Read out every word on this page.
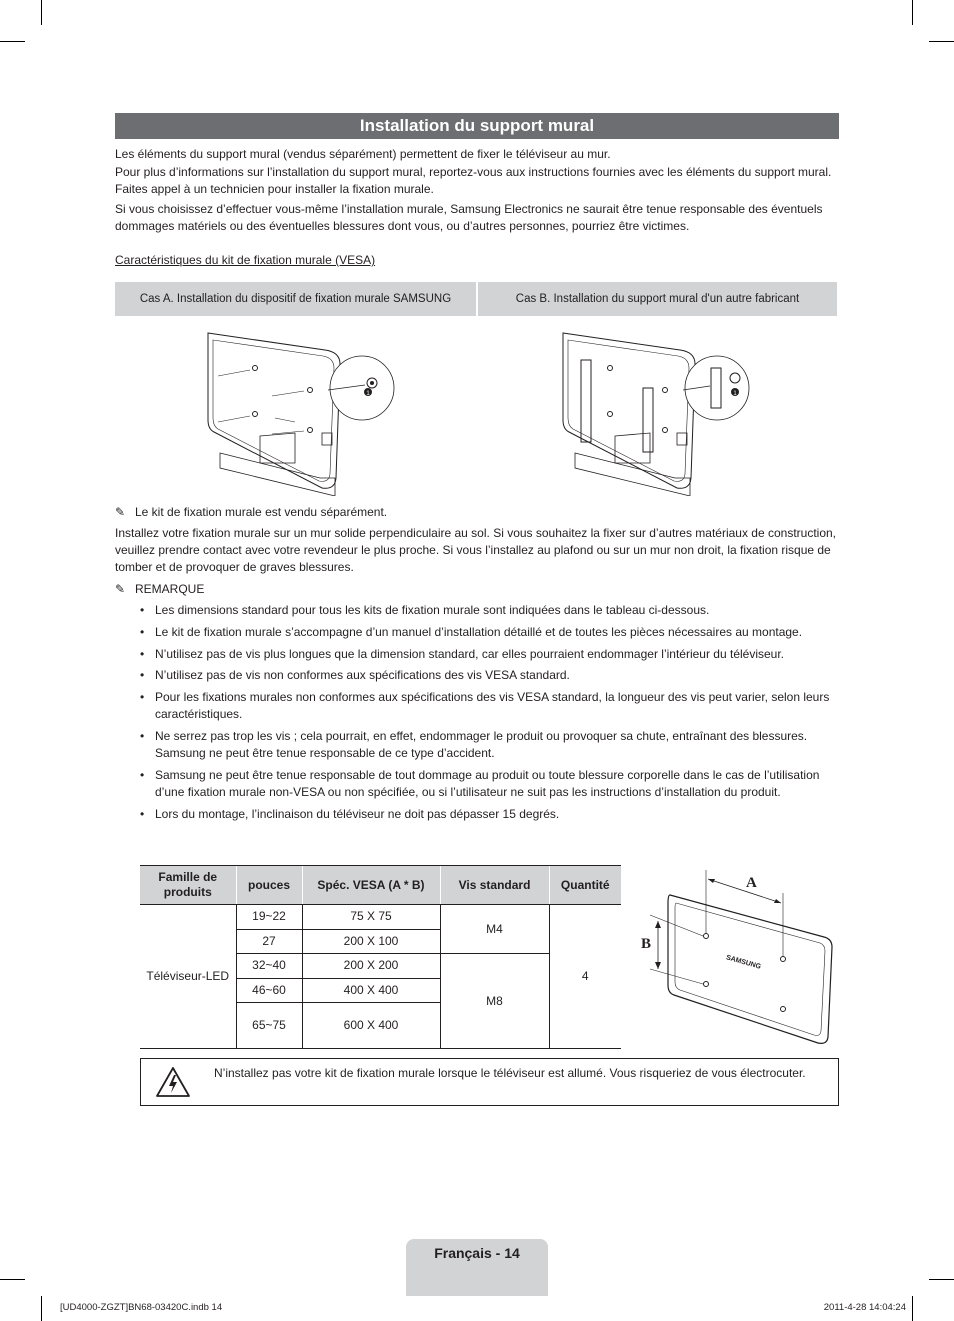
Installation du support mural
Les éléments du support mural (vendus séparément) permettent de fixer le téléviseur au mur.
Pour plus d’informations sur l’installation du support mural, reportez-vous aux instructions fournies avec les éléments du support mural. Faites appel à un technicien pour installer la fixation murale.
Si vous choisissez d’effectuer vous-même l’installation murale, Samsung Electronics ne saurait être tenue responsable des éventuels dommages matériels ou des éventuelles blessures dont vous, ou d’autres personnes, pourriez être victimes.
Caractéristiques du kit de fixation murale (VESA)
Cas A. Installation du dispositif de fixation murale SAMSUNG	Cas B. Installation du support mural d'un autre fabricant
1	1
✎ Le kit de fixation murale est vendu séparément.
Installez votre fixation murale sur un mur solide perpendiculaire au sol. Si vous souhaitez la fixer sur d’autres matériaux de construction, veuillez prendre contact avec votre revendeur le plus proche. Si vous l’installez au plafond ou sur un mur non droit, la fixation risque de tomber et de provoquer de graves blessures.
✎ REMARQUE
• Les dimensions standard pour tous les kits de fixation murale sont indiquées dans le tableau ci-dessous.
• Le kit de fixation murale s’accompagne d’un manuel d’installation détaillé et de toutes les pièces nécessaires au montage.
• N’utilisez pas de vis plus longues que la dimension standard, car elles pourraient endommager l’intérieur du téléviseur.
• N’utilisez pas de vis non conformes aux spécifications des vis VESA standard.
• Pour les fixations murales non conformes aux spécifications des vis VESA standard, la longueur des vis peut varier, selon leurs caractéristiques.
• Ne serrez pas trop les vis ; cela pourrait, en effet, endommager le produit ou provoquer sa chute, entraînant des blessures. Samsung ne peut être tenue responsable de ce type d’accident.
• Samsung ne peut être tenue responsable de tout dommage au produit ou toute blessure corporelle dans le cas de l’utilisation d’une fixation murale non-VESA ou non spécifiée, ou si l’utilisateur ne suit pas les instructions d’installation du produit.
• Lors du montage, l’inclinaison du téléviseur ne doit pas dépasser 15 degrés.
Famille de produits	pouces	Spéc. VESA (A * B)	Vis standard	Quantité
Téléviseur-LED	19~22	75 X 75	M4	4
	27	200 X 100		
	32~40	200 X 200	M8	
	46~60	400 X 400		
	65~75	600 X 400		
A
B
SAMSUNG
N’installez pas votre kit de fixation murale lorsque le téléviseur est allumé. Vous risqueriez de vous électrocuter.
Français - 14
[UD4000-ZGZT]BN68-03420C.indb 14	2011-4-28 14:04:24
